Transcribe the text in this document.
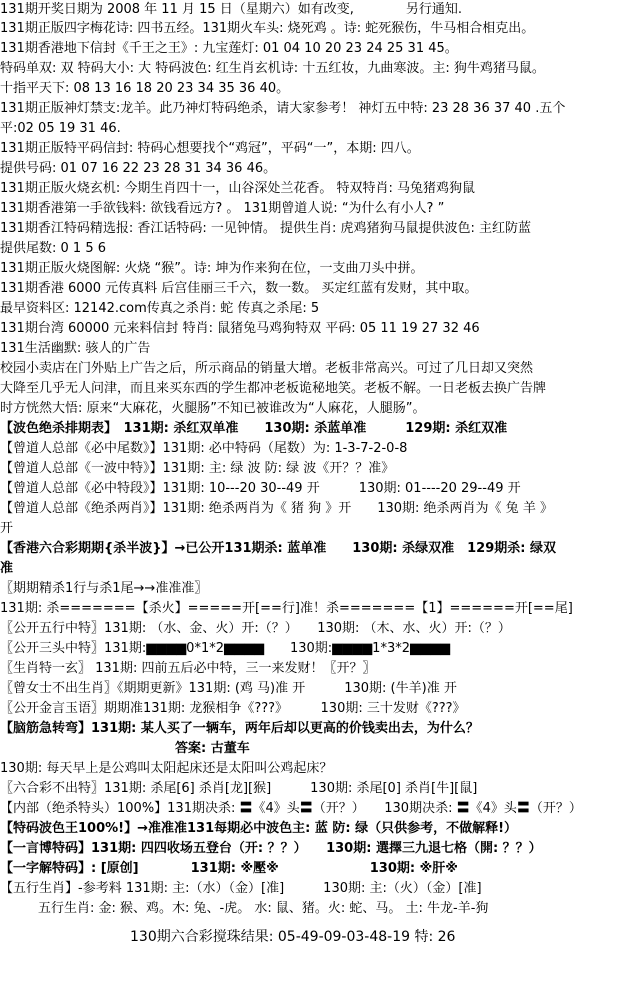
131期开奖日期为 2008 年 11 月 15 日（星期六）如有改变,　　　　另行通知.
131期正版四字梅花诗: 四书五经。131期火车头: 烧死鸡 。诗: 蛇死猴伤，牛马相合相克出。
131期香港地下信封《千王之王》: 九宝莲灯: 01 04 10 20 23 24 25 31 45。
特码单双: 双 特码大小: 大 特码波色: 红生肖玄机诗: 十五红妆，九曲寒波。主: 狗牛鸡猪马鼠。
十指平天下: 08 13 16 18 20 23 34 35 36 40。
131期正版神灯禁支:龙羊。此乃神灯特码绝杀，请大家参考！ 神灯五中特: 23 28 36 37 40 .五个
平:02 05 19 31 46.
131期正版特平码信封: 特码心想要找个“鸡冠”，平码“一”，本期: 四八。
提供号码: 01 07 16 22 23 28 31 34 36 46。
131期正版火烧玄机: 今期生肖四十一，山谷深处兰花香。 特双特肖: 马兔猪鸡狗鼠
131期香港第一手欲钱料: 欲钱看远方? 。 131期曾道人说: “为什么有小人? ”
131期香江特码精选报: 香江话特码: 一见钟情。 提供生肖: 虎鸡猪狗马鼠提供波色: 主红防蓝
提供尾数: 0 1 5 6
131期正版火烧图解: 火烧 “猴”。诗: 坤为作来狗在位，一支曲刀头中拼。
131期香港 6000 元传真料 后宫佳丽三千六，数一数。 买定红蓝有发财，其中取。
最早资料区: 12142.com传真之杀肖: 蛇 传真之杀尾: 5
131期台湾 60000 元来料信封 特肖: 鼠猪兔马鸡狗特双 平码: 05 11 19 27 32 46
131生活幽默: 骇人的广告
校园小卖店在门外贴上广告之后，所示商品的销量大增。老板非常高兴。可过了几日却又突然
大降至几乎无人问津，而且来买东西的学生都冲老板诡秘地笑。老板不解。一日老板去换广告牌
时方恍然大悟: 原来“大麻花，火腿肠”不知已被谁改为“人麻花，人腿肠”。
【波色绝杀排期表】　131期: 杀红双单准　　130期: 杀蓝单准　　　129期: 杀红双准
【曾道人总部《必中尾数》】131期: 必中特码（尾数）为: 1-3-7-2-0-8
【曾道人总部《一波中特》】131期: 主: 绿 波 防: 绿 波《开？？准》
【曾道人总部《必中特段》】131期: 10---20 30--49 开　　　130期: 01----20 29--49 开
【曾道人总部《绝杀两肖》】131期: 绝杀两肖为《 猪 狗 》开　　130期: 绝杀两肖为《 兔 羊 》
开
【香港六合彩期期{杀半波}】→已公开131期杀: 蓝单准　　130期: 杀绿双准　129期杀: 绿双
准
〖期期精杀1行与杀1尾→→准准准〗
131期: 杀=======【杀火】=====开[==行]准！杀=======【1】======开[==尾]
〖公开五行中特〗131期: （水、金、火）开:（？）　　130期: （木、水、火）开:（？）
〖公开三头中特〗131期:▆▆▆▆0*1*2▆▆▆▆　　130期:▆▆▆▆1*3*2▆▆▆▆
〖生肖特一玄〗 131期: 四前五后必中特，三一来发财！〖开？〗
〖曾女士不出生肖〗《期期更新》131期: (鸡 马)准 开　　　130期: (牛羊)准 开
〖公开金言玉语〗期期准131期: 龙猴相争《???》　　　130期: 三十发财《???》
【脑筋急转弯】131期: 某人买了一辆车，两年后却以更高的价钱卖出去，为什么？
答案: 古董车
130期: 每天早上是公鸡叫太阳起床还是太阳叫公鸡起床？
〖六合彩不出特〗131期: 杀尾[6] 杀肖[龙][猴]　　　130期: 杀尾[0] 杀肖[牛][鼠]
【内部（绝杀特头）100%】131期决杀: 〓《4》头〓（开？）　　130期决杀: 〓《4》头〓（开？）
【特码波色王100%!】→准准准131每期必中波色主: 蓝 防: 绿（只供参考，不做解释!）
【一言博特码】131期: 四四收场五登台（开: ？？）　　130期: 選擇三九退七格（開: ？？）
【一字解特码】: [原创]　　　　131期: ※壓※　　　　　　　130期: ※肝※
【五行生肖】-参考料 131期: 主:（水）（金）[准]　　　130期: 主:（火）（金）[准]
五行生肖: 金: 猴、鸡。木: 兔、-虎。 水: 鼠、猪。火: 蛇、马。 土: 牛龙-羊-狗
130期六合彩搅珠结果: 05-49-09-03-48-19 特: 26
